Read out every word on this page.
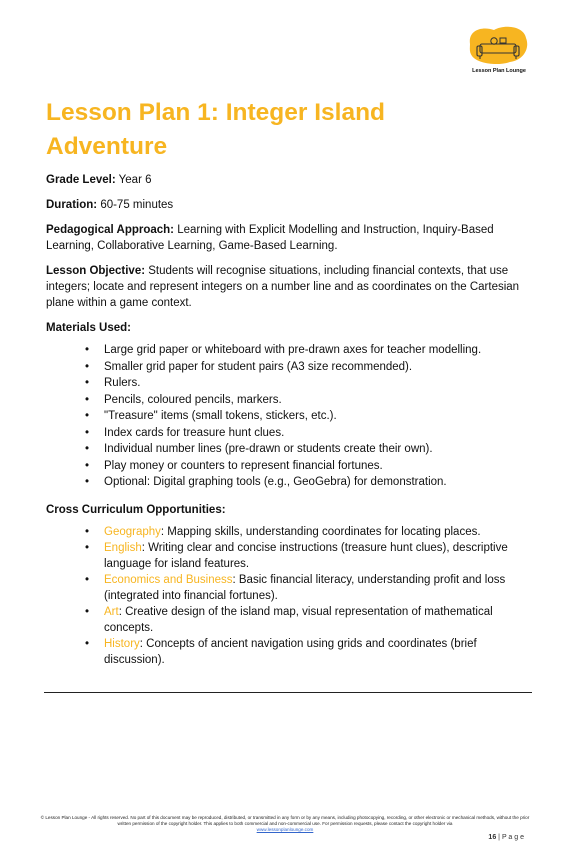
Lesson Plan Lounge
Lesson Plan 1: Integer Island Adventure

Grade Level: Year 6

Duration: 60-75 minutes

Pedagogical Approach: Learning with Explicit Modelling and Instruction, Inquiry-Based Learning, Collaborative Learning, Game-Based Learning.

Lesson Objective: Students will recognise situations, including financial contexts, that use integers; locate and represent integers on a number line and as coordinates on the Cartesian plane within a game context.

Materials Used:
• Large grid paper or whiteboard with pre-drawn axes for teacher modelling.
• Smaller grid paper for student pairs (A3 size recommended).
• Rulers.
• Pencils, coloured pencils, markers.
• "Treasure" items (small tokens, stickers, etc.).
• Index cards for treasure hunt clues.
• Individual number lines (pre-drawn or students create their own).
• Play money or counters to represent financial fortunes.
• Optional: Digital graphing tools (e.g., GeoGebra) for demonstration.
Cross Curriculum Opportunities:
• Geography: Mapping skills, understanding coordinates for locating places.
• English: Writing clear and concise instructions (treasure hunt clues), descriptive language for island features.
• Economics and Business: Basic financial literacy, understanding profit and loss (integrated into financial fortunes).
• Art: Creative design of the island map, visual representation of mathematical concepts.
• History: Concepts of ancient navigation using grids and coordinates (brief discussion).
© Lesson Plan Lounge - All rights reserved. No part of this document may be reproduced, distributed, or transmitted in any form or by any means, including photocopying, recording, or other electronic or mechanical methods, without the prior written permission of the copyright holder. This applies to both commercial and non-commercial use. For permission requests, please contact the copyright holder via
www.lessonplanlounge.com
16 | P a g e
